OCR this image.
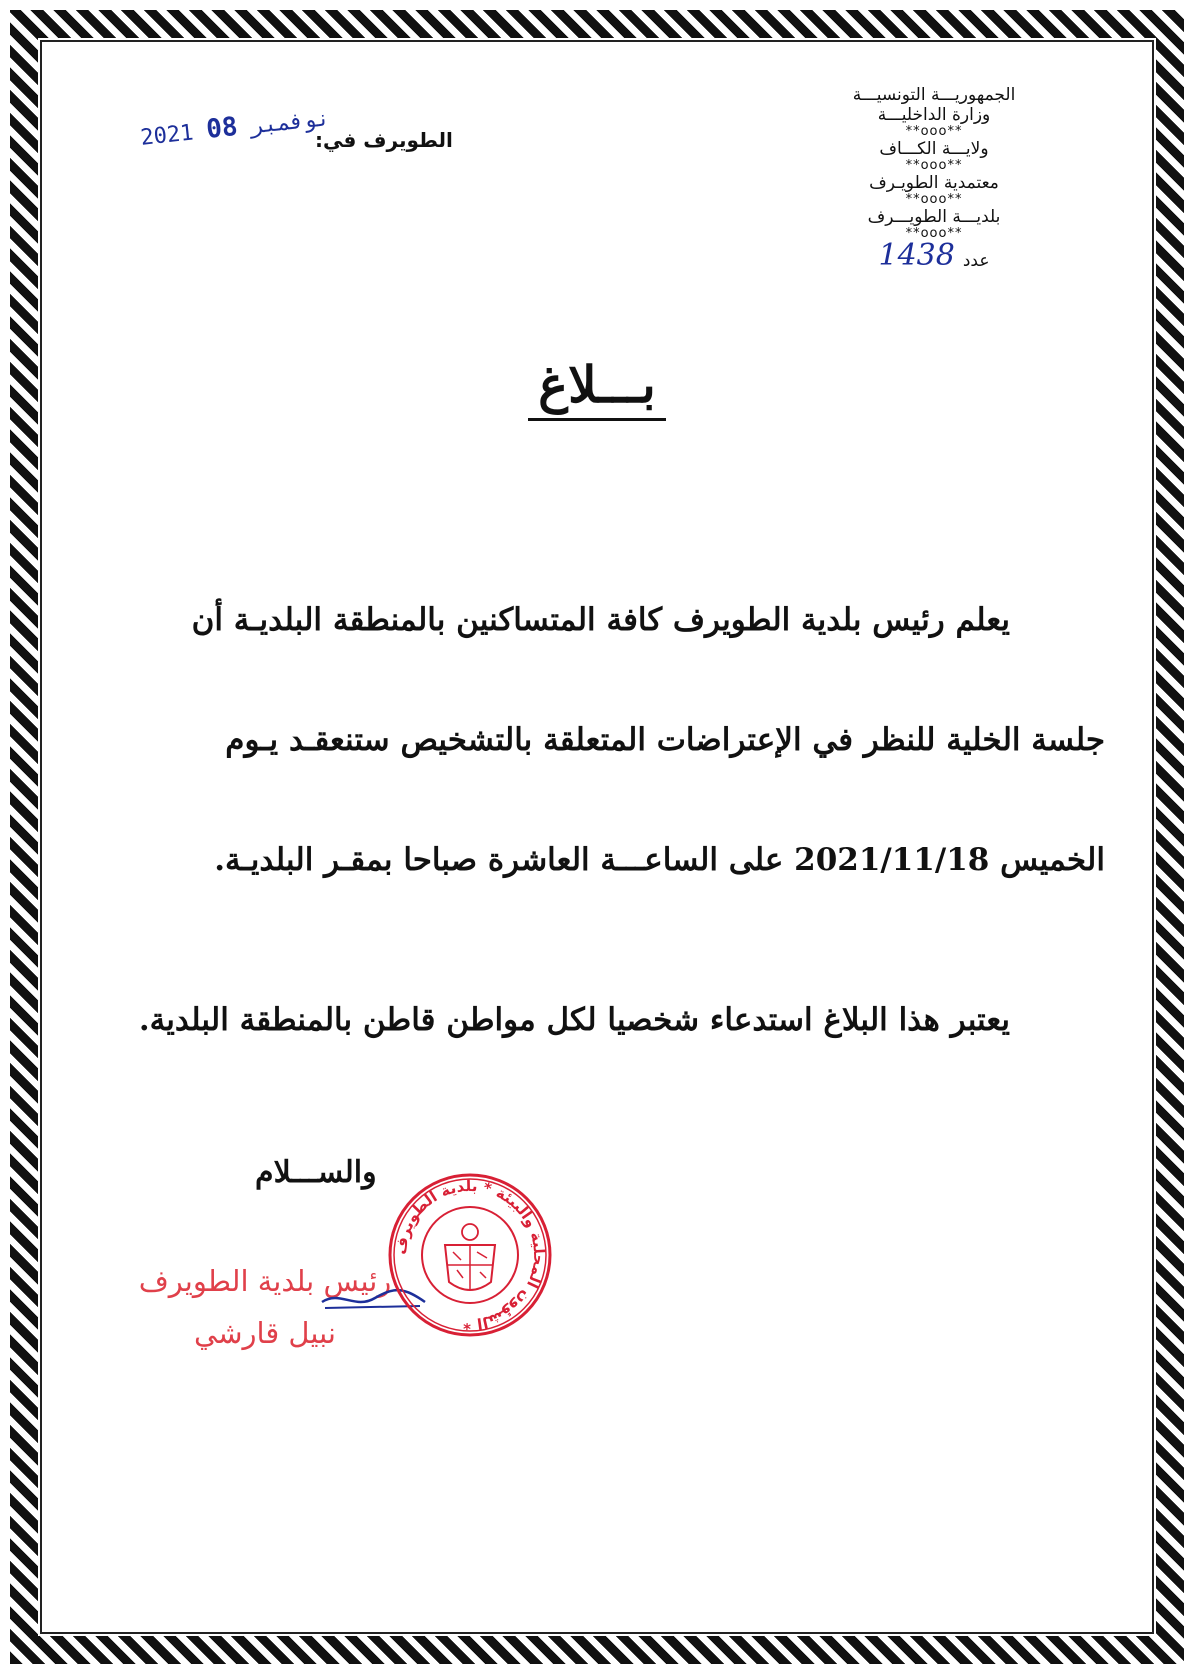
الجمهوريـــة التونسيـــة
وزارة الداخليـــة
**ooo**
ولايـــة الكـــاف
**ooo**
معتمدية الطويـرف
**ooo**
بلديـــة الطويـــرف
**ooo**
عدد
1438
الطويرف في:
2021 نوفمبر 08
بـــلاغ
يعلم رئيس بلدية الطويرف كافة المتساكنين بالمنطقة البلديـة أن
جلسة الخلية للنظر في الإعتراضات المتعلقة بالتشخيص ستنعقـد يـوم
الخميس 2021/11/18 على الساعـــة العاشرة صباحا بمقـر البلديـة.
يعتبر هذا البلاغ استدعاء شخصيا لكل مواطن قاطن بالمنطقة البلدية.
والســـلام
رئيس بلدية الطويرف
نبيل قارشي
الشؤون المحلية والبيئة * بلدية الطويرف *
